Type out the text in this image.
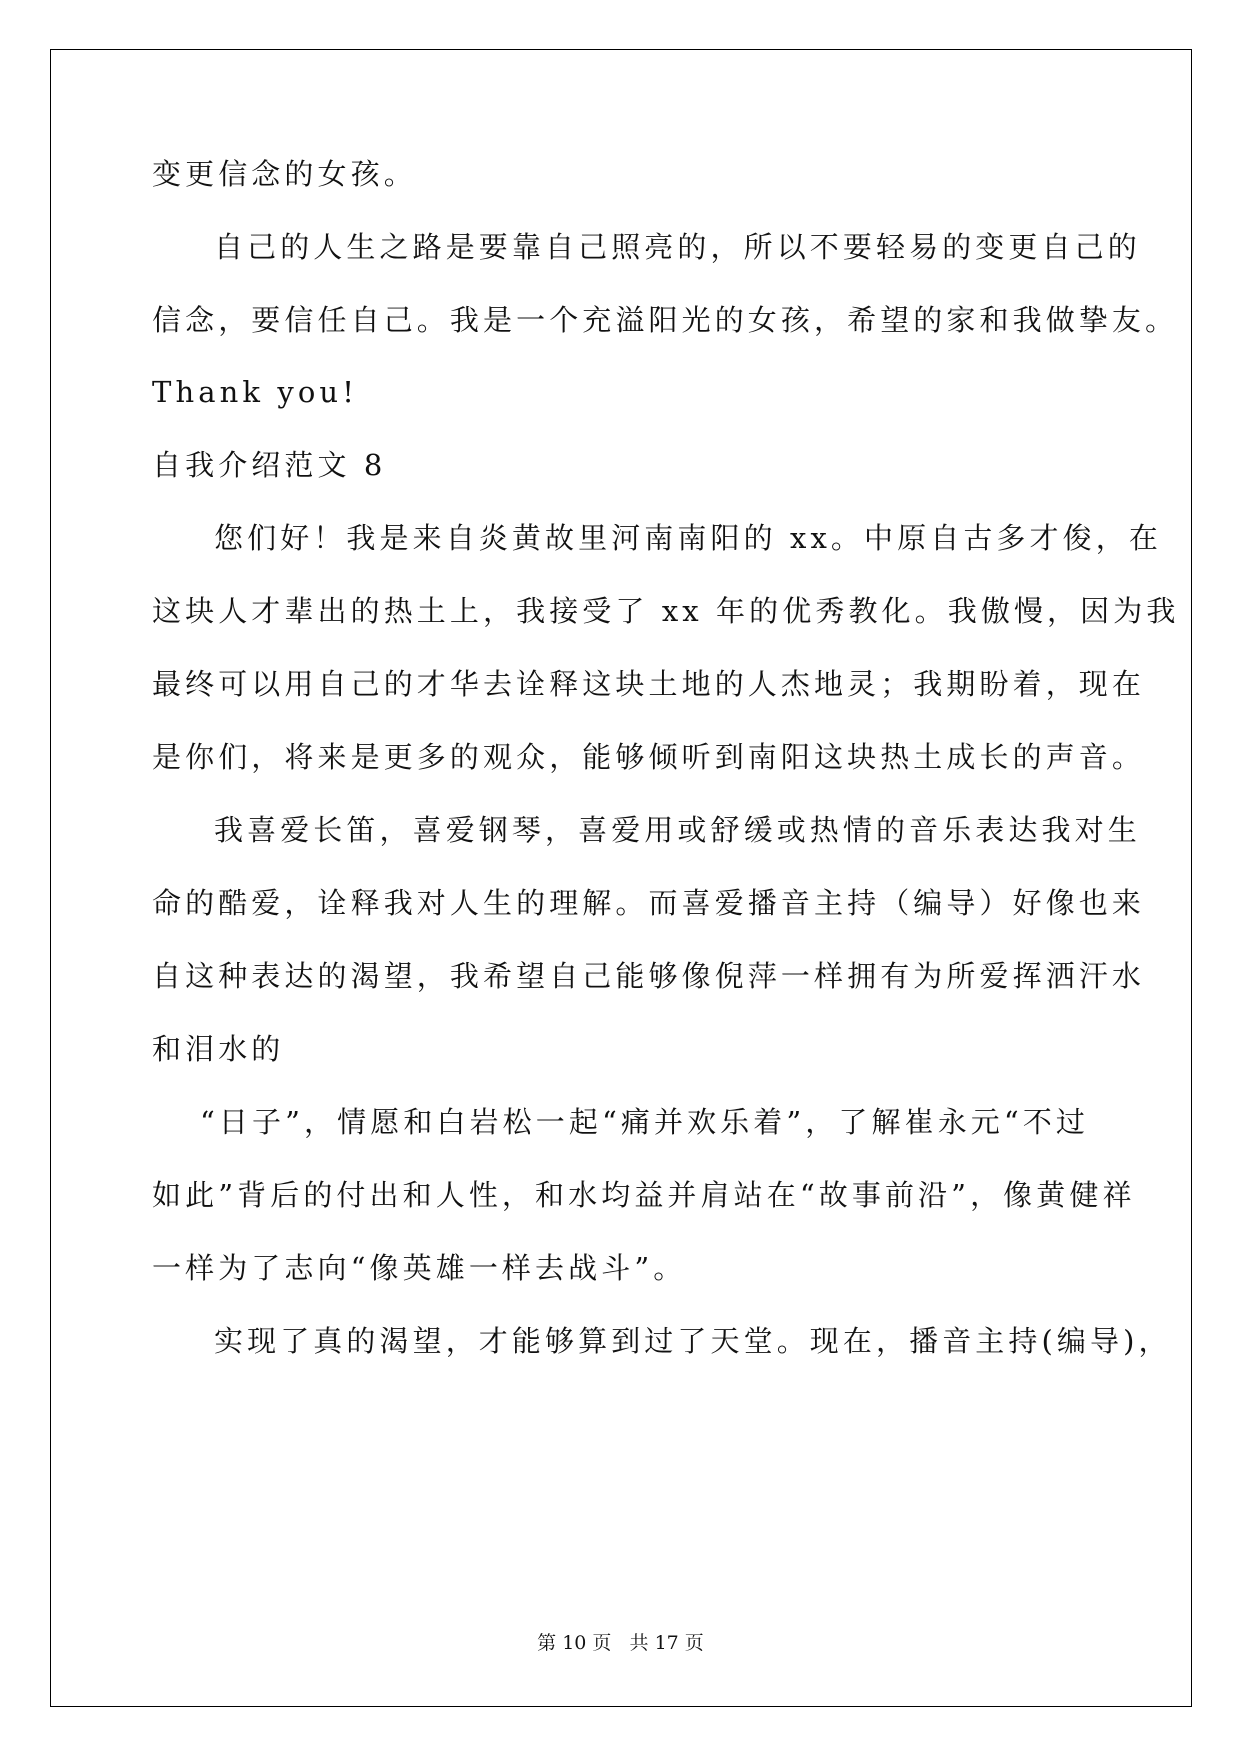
变更信念的女孩。
自己的人生之路是要靠自己照亮的，所以不要轻易的变更自己的
信念，要信任自己。我是一个充溢阳光的女孩，希望的家和我做挚友。
Thank you!
自我介绍范文 8
您们好！我是来自炎黄故里河南南阳的 xx。中原自古多才俊，在
这块人才辈出的热土上，我接受了 xx 年的优秀教化。我傲慢，因为我
最终可以用自己的才华去诠释这块土地的人杰地灵；我期盼着，现在
是你们，将来是更多的观众，能够倾听到南阳这块热土成长的声音。
我喜爱长笛，喜爱钢琴，喜爱用或舒缓或热情的音乐表达我对生
命的酷爱，诠释我对人生的理解。而喜爱播音主持（编导）好像也来
自这种表达的渴望，我希望自己能够像倪萍一样拥有为所爱挥洒汗水
和泪水的
“日子”，情愿和白岩松一起“痛并欢乐着”，了解崔永元“不过
如此”背后的付出和人性，和水均益并肩站在“故事前沿”，像黄健祥
一样为了志向“像英雄一样去战斗”。
实现了真的渴望，才能够算到过了天堂。现在，播音主持(编导)，
第 10 页   共 17 页
